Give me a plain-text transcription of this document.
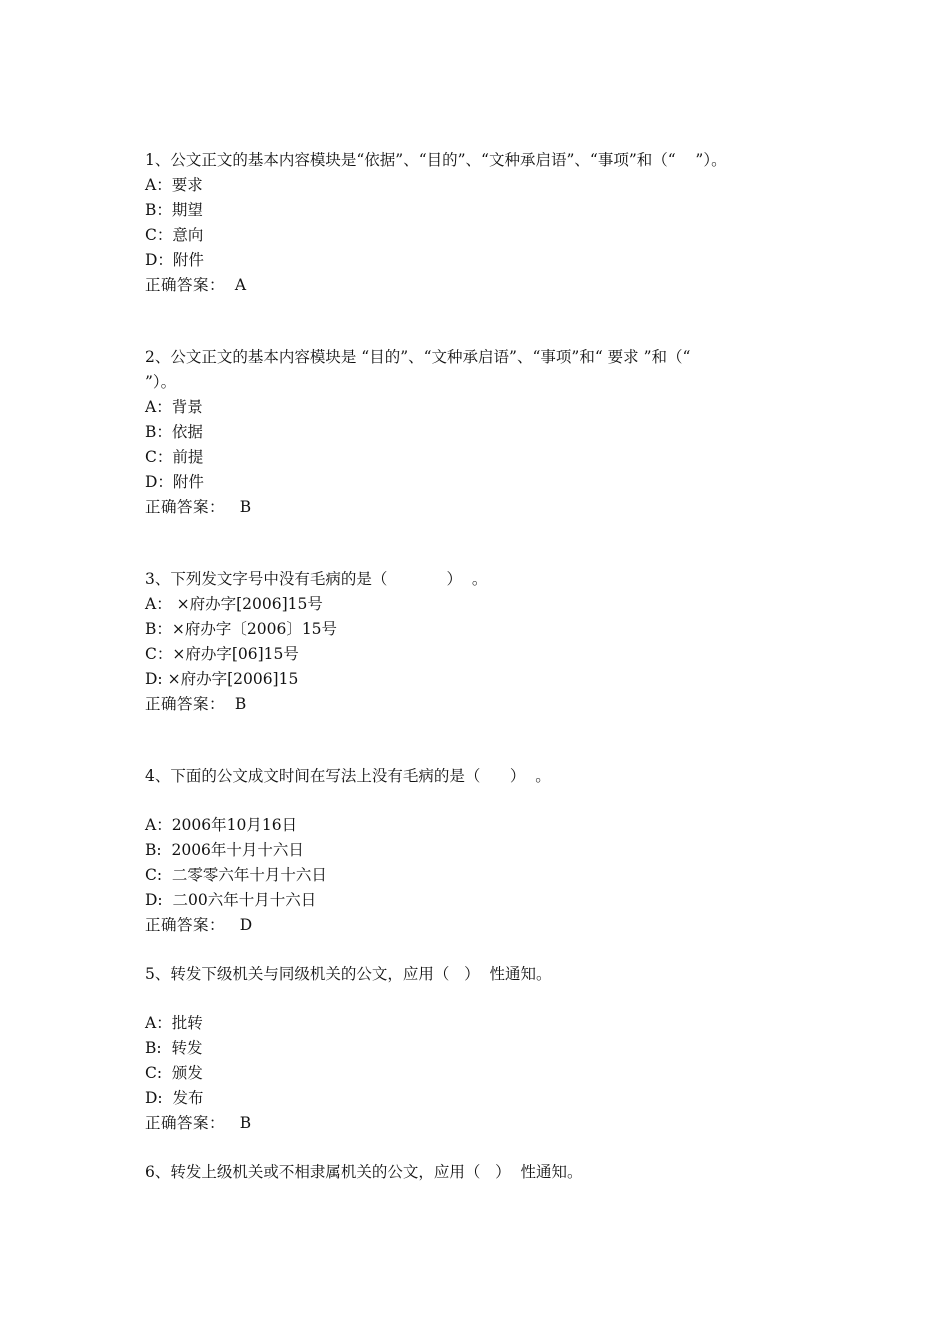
1、公文正文的基本内容模块是“依据”、“目的”、“文种承启语”、“事项”和（“    ”）。
A：要求
B：期望
C：意向
D：附件
正确答案： A
2、公文正文的基本内容模块是 “目的”、“文种承启语”、“事项”和“ 要求 ”和（“
”）。
A：背景
B：依据
C：前提
D：附件
正确答案： B
3、下列发文字号中没有毛病的是（            ）  。
A： ×府办字[2006]15号
B：×府办字〔2006〕15号
C：×府办字[06]15号
D: ×府办字[2006]15
正确答案： B
4、下面的公文成文时间在写法上没有毛病的是（      ）  。
A：2006年10月16日
B:  2006年十月十六日
C:  二零零六年十月十六日
D:  二00六年十月十六日
正确答案： D
5、转发下级机关与同级机关的公文，应用（   ）  性通知。
A：批转
B:  转发
C:  颁发
D:  发布
正确答案： B
6、转发上级机关或不相隶属机关的公文，应用（   ）  性通知。
